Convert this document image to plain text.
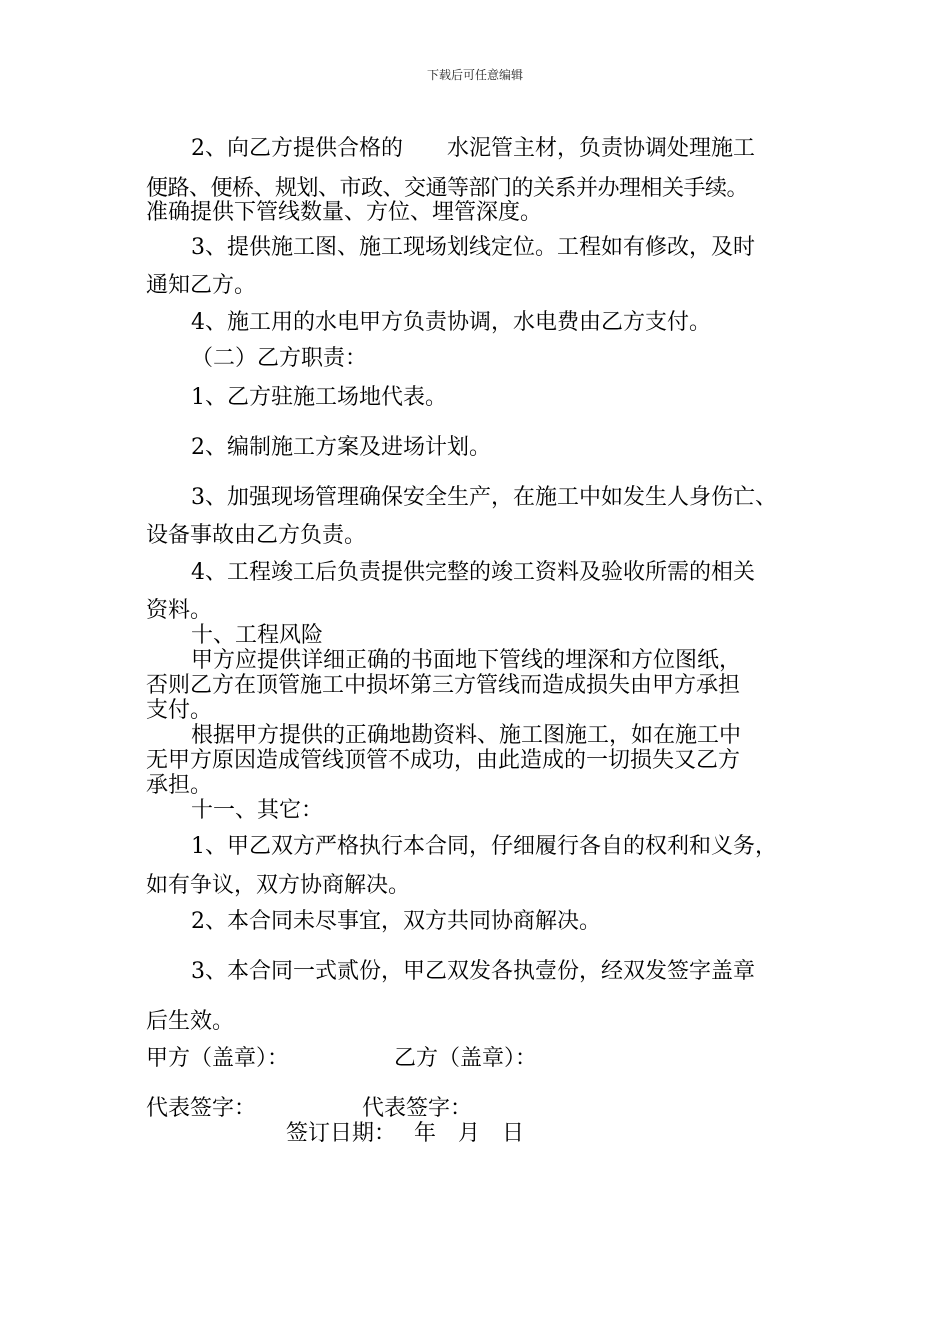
下载后可任意编辑
2、向乙方提供合格的　　水泥管主材，负责协调处理施工
便路、便桥、规划、市政、交通等部门的关系并办理相关手续。
准确提供下管线数量、方位、埋管深度。
3、提供施工图、施工现场划线定位。工程如有修改，及时
通知乙方。
4、施工用的水电甲方负责协调，水电费由乙方支付。
（二）乙方职责：
1、乙方驻施工场地代表。
2、编制施工方案及进场计划。
3、加强现场管理确保安全生产，在施工中如发生人身伤亡、
设备事故由乙方负责。
4、工程竣工后负责提供完整的竣工资料及验收所需的相关
资料。
十、工程风险
甲方应提供详细正确的书面地下管线的埋深和方位图纸，
否则乙方在顶管施工中损坏第三方管线而造成损失由甲方承担
支付。
根据甲方提供的正确地勘资料、施工图施工，如在施工中
无甲方原因造成管线顶管不成功，由此造成的一切损失又乙方
承担。
十一、其它：
1、甲乙双方严格执行本合同，仔细履行各自的权利和义务，
如有争议，双方协商解决。
2、本合同未尽事宜，双方共同协商解决。
3、本合同一式贰份，甲乙双发各执壹份，经双发签字盖章
后生效。
甲方（盖章）：	乙方（盖章）：
代表签字：	代表签字：
签订日期：　 年　月　日
